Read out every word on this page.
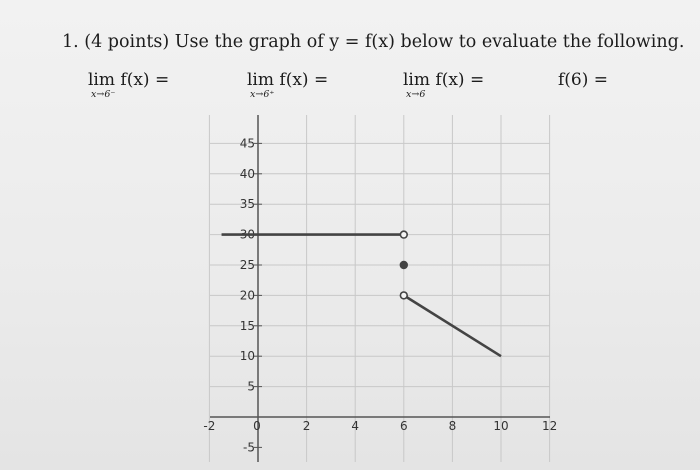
1. (4 points) Use the graph of y = f(x) below to evaluate the following.
lim f(x) =
x→6⁻
lim f(x) =
x→6⁺
lim f(x) =
x→6
f(6) =
-5
5
10
15
20
25
30
35
40
45
-2	0	2	4	6	8	10	12
